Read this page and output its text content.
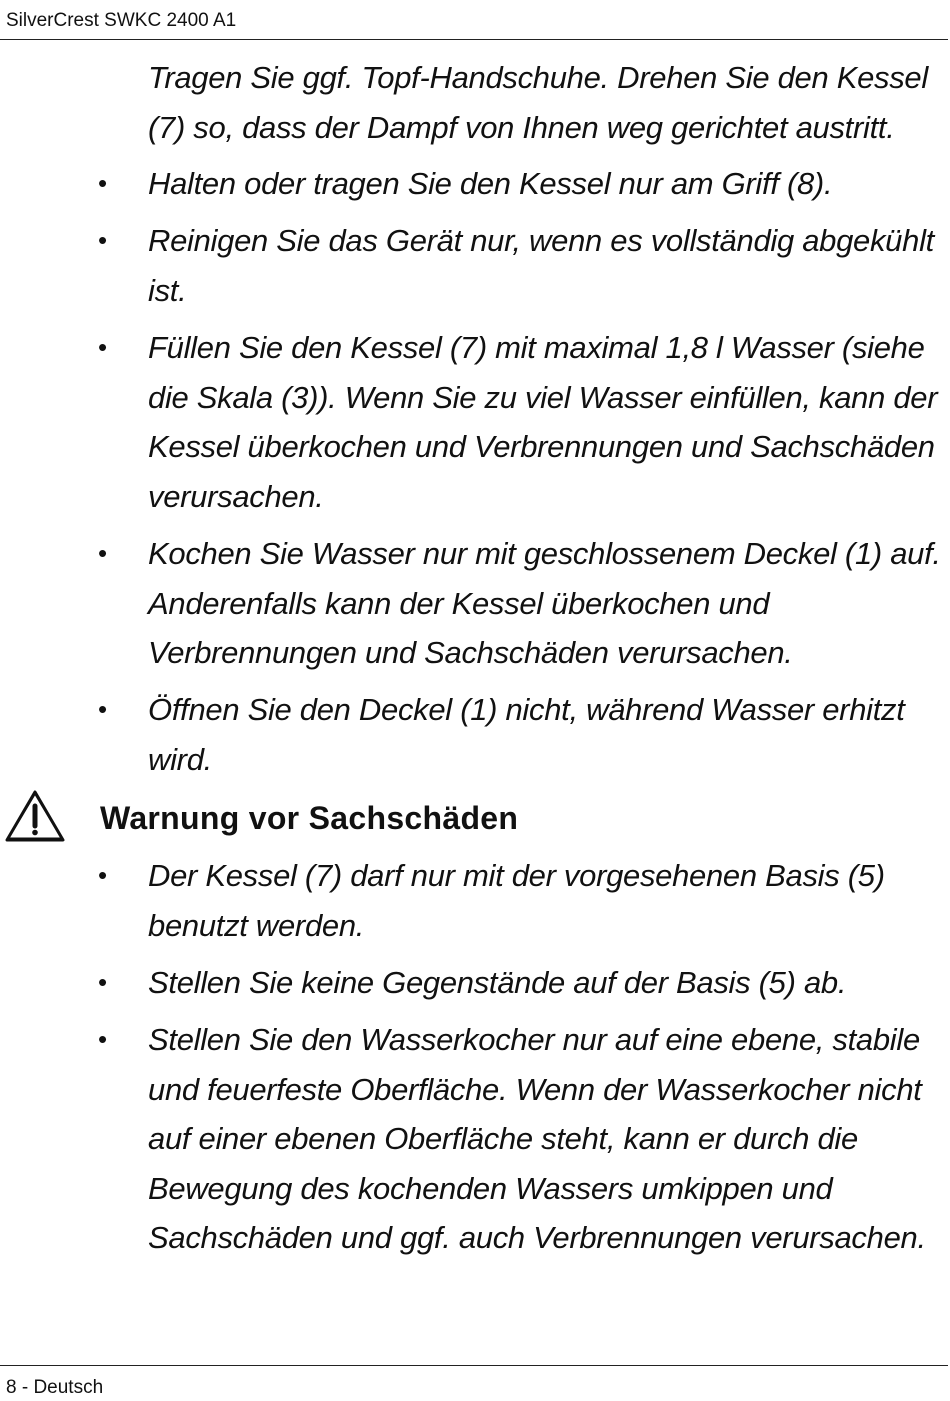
SilverCrest SWKC 2400 A1
Tragen Sie ggf. Topf-Handschuhe. Drehen Sie den Kessel (7) so, dass der Dampf von Ihnen weg gerichtet austritt.
• Halten oder tragen Sie den Kessel nur am Griff (8).
• Reinigen Sie das Gerät nur, wenn es vollständig abgekühlt ist.
• Füllen Sie den Kessel (7) mit maximal 1,8 l Wasser (siehe die Skala (3)). Wenn Sie zu viel Wasser einfüllen, kann der Kessel überkochen und Verbrennungen und Sachschäden verursachen.
• Kochen Sie Wasser nur mit geschlossenem Deckel (1) auf. Anderenfalls kann der Kessel überkochen und Verbrennungen und Sachschäden verursachen.
• Öffnen Sie den Deckel (1) nicht, während Wasser erhitzt wird.
Warnung vor Sachschäden
• Der Kessel (7) darf nur mit der vorgesehenen Basis (5) benutzt werden.
• Stellen Sie keine Gegenstände auf der Basis (5) ab.
• Stellen Sie den Wasserkocher nur auf eine ebene, stabile und feuerfeste Oberfläche. Wenn der Wasserkocher nicht auf einer ebenen Oberfläche steht, kann er durch die Bewegung des kochenden Wassers umkippen und Sachschäden und ggf. auch Verbrennungen verursachen.
8 - Deutsch
